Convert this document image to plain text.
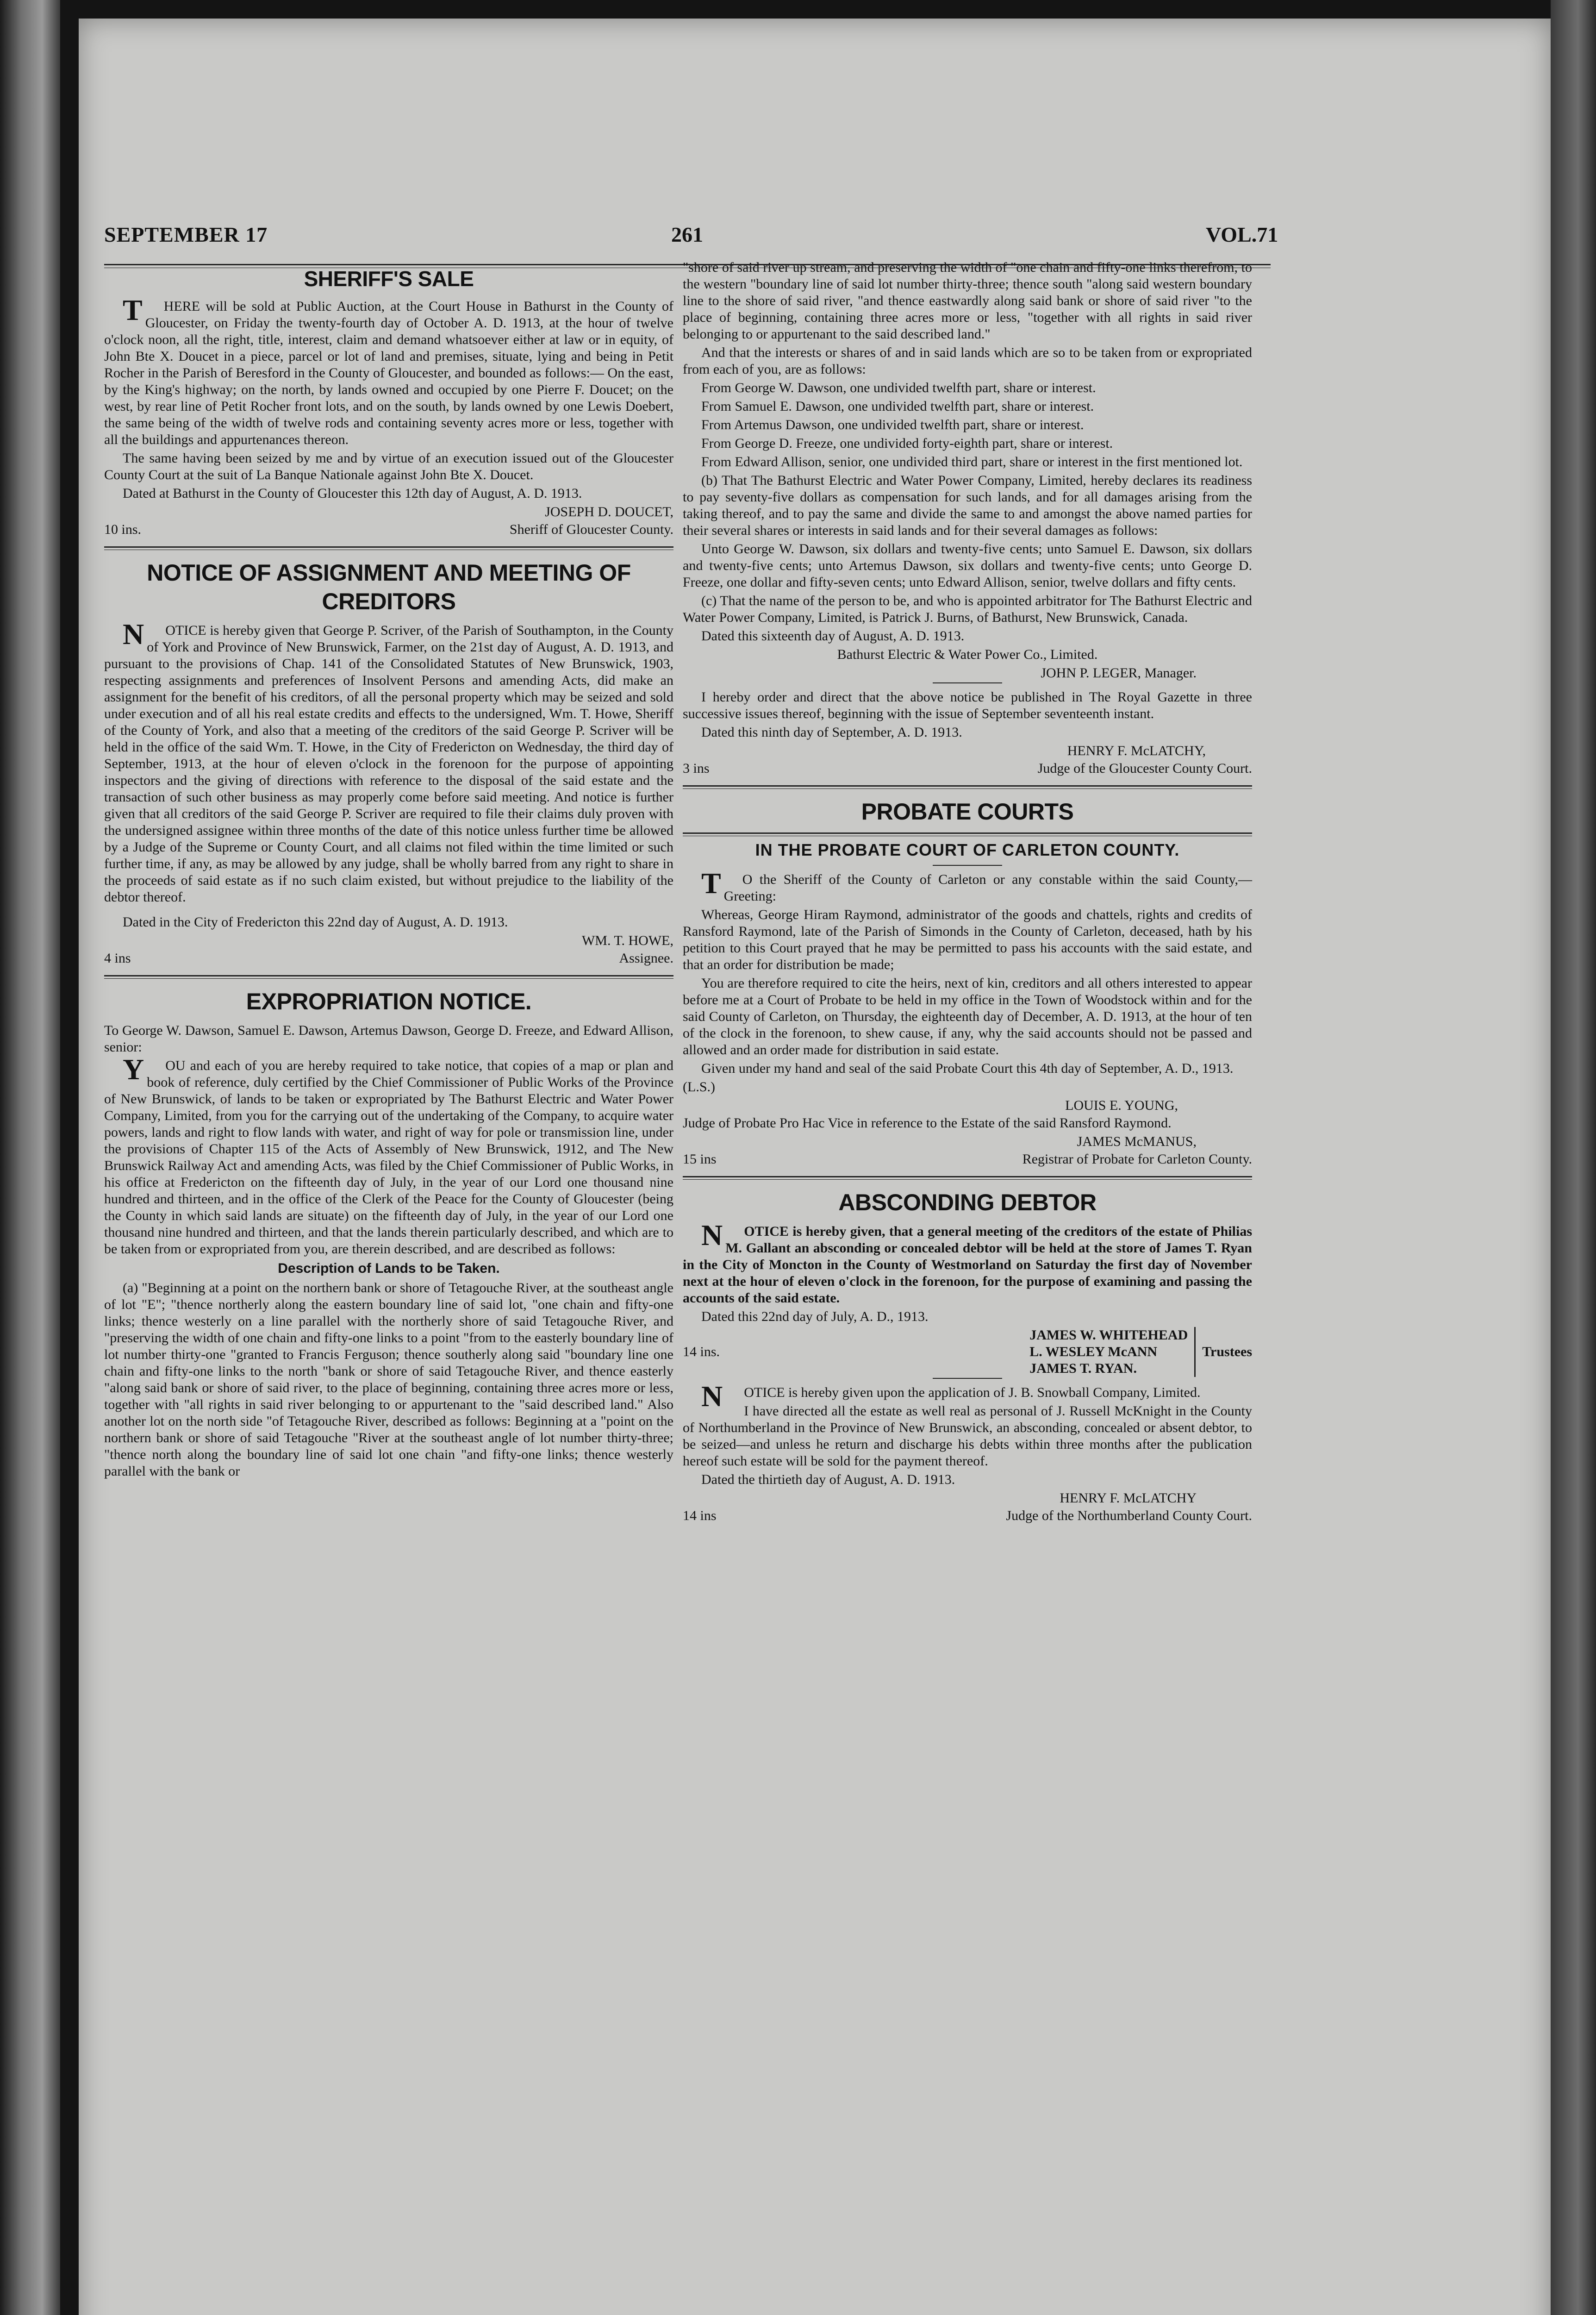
SEPTEMBER 17	261	VOL.71
SHERIFF'S SALE

THERE will be sold at Public Auction, at the Court House in Bathurst in the County of Gloucester, on Friday the twenty-fourth day of October A. D. 1913, at the hour of twelve o'clock noon, all the right, title, interest, claim and demand whatsoever either at law or in equity, of John Bte X. Doucet in a piece, parcel or lot of land and premises, situate, lying and being in Petit Rocher in the Parish of Beresford in the County of Gloucester, and bounded as follows:— On the east, by the King's highway; on the north, by lands owned and occupied by one Pierre F. Doucet; on the west, by rear line of Petit Rocher front lots, and on the south, by lands owned by one Lewis Doebert, the same being of the width of twelve rods and containing seventy acres more or less, together with all the buildings and appurtenances thereon.

The same having been seized by me and by virtue of an execution issued out of the Gloucester County Court at the suit of La Banque Nationale against John Bte X. Doucet.

Dated at Bathurst in the County of Gloucester this 12th day of August, A. D. 1913.

JOSEPH D. DOUCET,
10 ins.	Sheriff of Gloucester County.
NOTICE OF ASSIGNMENT AND MEETING OF CREDITORS

NOTICE is hereby given that George P. Scriver, of the Parish of Southampton, in the County of York and Province of New Brunswick, Farmer, on the 21st day of August, A. D. 1913, and pursuant to the provisions of Chap. 141 of the Consolidated Statutes of New Brunswick, 1903, respecting assignments and preferences of Insolvent Persons and amending Acts, did make an assignment for the benefit of his creditors, of all the personal property which may be seized and sold under execution and of all his real estate credits and effects to the undersigned, Wm. T. Howe, Sheriff of the County of York, and also that a meeting of the creditors of the said George P. Scriver will be held in the office of the said Wm. T. Howe, in the City of Fredericton on Wednesday, the third day of September, 1913, at the hour of eleven o'clock in the forenoon for the purpose of appointing inspectors and the giving of directions with reference to the disposal of the said estate and the transaction of such other business as may properly come before said meeting. And notice is further given that all creditors of the said George P. Scriver are required to file their claims duly proven with the undersigned assignee within three months of the date of this notice unless further time be allowed by a Judge of the Supreme or County Court, and all claims not filed within the time limited or such further time, if any, as may be allowed by any judge, shall be wholly barred from any right to share in the proceeds of said estate as if no such claim existed, but without prejudice to the liability of the debtor thereof.

Dated in the City of Fredericton this 22nd day of August, A. D. 1913.

WM. T. HOWE,
4 ins	Assignee.
EXPROPRIATION NOTICE.

To George W. Dawson, Samuel E. Dawson, Artemus Dawson, George D. Freeze, and Edward Allison, senior:

YOU and each of you are hereby required to take notice, that copies of a map or plan and book of reference, duly certified by the Chief Commissioner of Public Works of the Province of New Brunswick, of lands to be taken or expropriated by The Bathurst Electric and Water Power Company, Limited, from you for the carrying out of the undertaking of the Company, to acquire water powers, lands and right to flow lands with water, and right of way for pole or transmission line, under the provisions of Chapter 115 of the Acts of Assembly of New Brunswick, 1912, and The New Brunswick Railway Act and amending Acts, was filed by the Chief Commissioner of Public Works, in his office at Fredericton on the fifteenth day of July, in the year of our Lord one thousand nine hundred and thirteen, and in the office of the Clerk of the Peace for the County of Gloucester (being the County in which said lands are situate) on the fifteenth day of July, in the year of our Lord one thousand nine hundred and thirteen, and that the lands therein particularly described, and which are to be taken from or expropriated from you, are therein described, and are described as follows:

Description of Lands to be Taken.

(a) "Beginning at a point on the northern bank or shore of Tetagouche River, at the southeast angle of lot "E"; "thence northerly along the eastern boundary line of said lot, "one chain and fifty-one links; thence westerly on a line parallel with the northerly shore of said Tetagouche River, and "preserving the width of one chain and fifty-one links to a point "from to the easterly boundary line of lot number thirty-one "granted to Francis Ferguson; thence southerly along said "boundary line one chain and fifty-one links to the north "bank or shore of said Tetagouche River, and thence easterly "along said bank or shore of said river, to the place of beginning, containing three acres more or less, together with "all rights in said river belonging to or appurtenant to the "said described land." Also another lot on the north side "of Tetagouche River, described as follows: Beginning at a "point on the northern bank or shore of said Tetagouche "River at the southeast angle of lot number thirty-three; "thence north along the boundary line of said lot one chain "and fifty-one links; thence westerly parallel with the bank or

"shore of said river up stream, and preserving the width of "one chain and fifty-one links therefrom, to the western "boundary line of said lot number thirty-three; thence south "along said western boundary line to the shore of said river, "and thence eastwardly along said bank or shore of said river "to the place of beginning, containing three acres more or less, "together with all rights in said river belonging to or appurtenant to the said described land."

And that the interests or shares of and in said lands which are so to be taken from or expropriated from each of you, are as follows:

From George W. Dawson, one undivided twelfth part, share or interest.

From Samuel E. Dawson, one undivided twelfth part, share or interest.

From Artemus Dawson, one undivided twelfth part, share or interest.

From George D. Freeze, one undivided forty-eighth part, share or interest.

From Edward Allison, senior, one undivided third part, share or interest in the first mentioned lot.

(b) That The Bathurst Electric and Water Power Company, Limited, hereby declares its readiness to pay seventy-five dollars as compensation for such lands, and for all damages arising from the taking thereof, and to pay the same and divide the same to and amongst the above named parties for their several shares or interests in said lands and for their several damages as follows:

Unto George W. Dawson, six dollars and twenty-five cents; unto Samuel E. Dawson, six dollars and twenty-five cents; unto Artemus Dawson, six dollars and twenty-five cents; unto George D. Freeze, one dollar and fifty-seven cents; unto Edward Allison, senior, twelve dollars and fifty cents.

(c) That the name of the person to be, and who is appointed arbitrator for The Bathurst Electric and Water Power Company, Limited, is Patrick J. Burns, of Bathurst, New Brunswick, Canada.

Dated this sixteenth day of August, A. D. 1913.

Bathurst Electric & Water Power Co., Limited.

JOHN P. LEGER, Manager.

I hereby order and direct that the above notice be published in The Royal Gazette in three successive issues thereof, beginning with the issue of September seventeenth instant.

Dated this ninth day of September, A. D. 1913.

HENRY F. McLATCHY,
3 ins	Judge of the Gloucester County Court.
PROBATE COURTS
IN THE PROBATE COURT OF CARLETON COUNTY.

TO the Sheriff of the County of Carleton or any constable within the said County,—Greeting:

Whereas, George Hiram Raymond, administrator of the goods and chattels, rights and credits of Ransford Raymond, late of the Parish of Simonds in the County of Carleton, deceased, hath by his petition to this Court prayed that he may be permitted to pass his accounts with the said estate, and that an order for distribution be made;

You are therefore required to cite the heirs, next of kin, creditors and all others interested to appear before me at a Court of Probate to be held in my office in the Town of Woodstock within and for the said County of Carleton, on Thursday, the eighteenth day of December, A. D. 1913, at the hour of ten of the clock in the forenoon, to shew cause, if any, why the said accounts should not be passed and allowed and an order made for distribution in said estate.

Given under my hand and seal of the said Probate Court this 4th day of September, A. D., 1913.

(L.S.)

LOUIS E. YOUNG,

Judge of Probate Pro Hac Vice in reference to the Estate of the said Ransford Raymond.

JAMES McMANUS,
15 ins	Registrar of Probate for Carleton County.
ABSCONDING DEBTOR

NOTICE is hereby given, that a general meeting of the creditors of the estate of Philias M. Gallant an absconding or concealed debtor will be held at the store of James T. Ryan in the City of Moncton in the County of Westmorland on Saturday the first day of November next at the hour of eleven o'clock in the forenoon, for the purpose of examining and passing the accounts of the said estate.

Dated this 22nd day of July, A. D., 1913.

14 ins.
JAMES W. WHITEHEAD
L. WESLEY McANN
JAMES T. RYAN.
Trustees

NOTICE is hereby given upon the application of J. B. Snowball Company, Limited.

I have directed all the estate as well real as personal of J. Russell McKnight in the County of Northumberland in the Province of New Brunswick, an absconding, concealed or absent debtor, to be seized—and unless he return and discharge his debts within three months after the publication hereof such estate will be sold for the payment thereof.

Dated the thirtieth day of August, A. D. 1913.

HENRY F. McLATCHY
14 ins	Judge of the Northumberland County Court.
